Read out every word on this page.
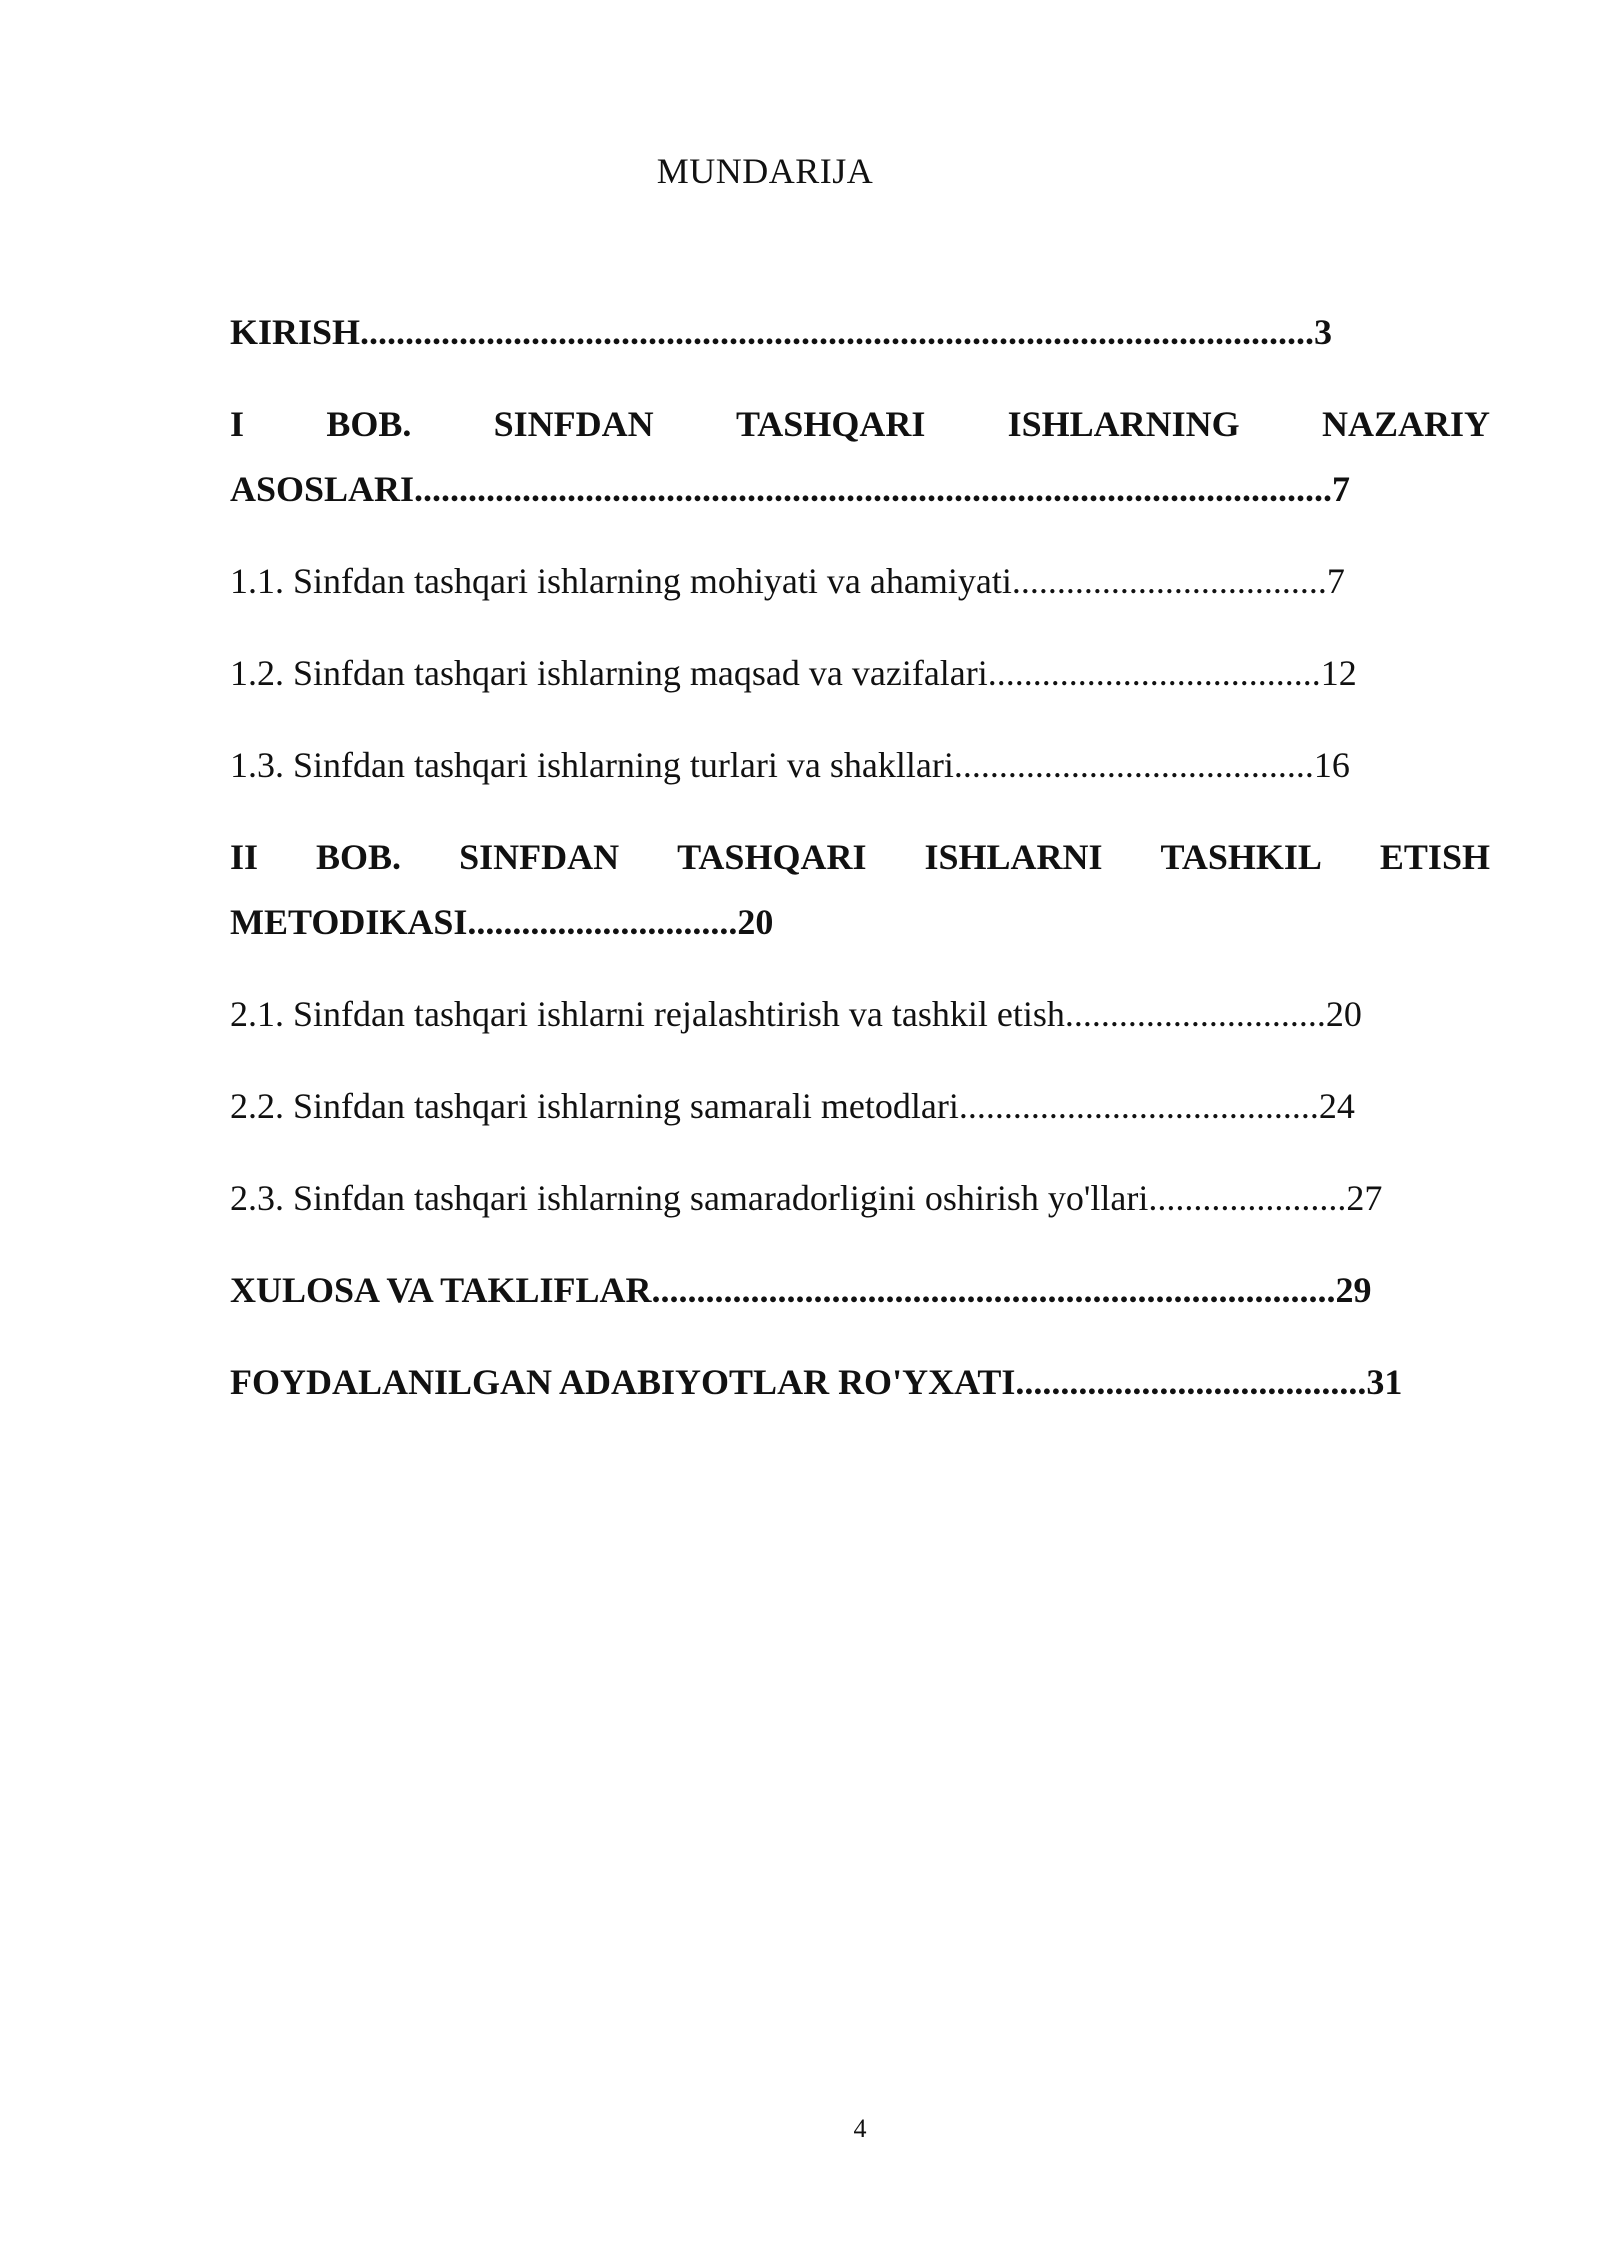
MUNDARIJA
KIRISH..........................................................................................................3
I BOB. SINFDAN TASHQARI ISHLARNING NAZARIY
ASOSLARI......................................................................................................7
1.1. Sinfdan tashqari ishlarning mohiyati va ahamiyati...................................7
1.2. Sinfdan tashqari ishlarning maqsad va vazifalari.....................................12
1.3. Sinfdan tashqari ishlarning turlari va shakllari........................................16
II BOB. SINFDAN TASHQARI ISHLARNI TASHKIL ETISH
METODIKASI..............................20
2.1. Sinfdan tashqari ishlarni rejalashtirish va tashkil etish.............................20
2.2. Sinfdan tashqari ishlarning samarali metodlari........................................24
2.3. Sinfdan tashqari ishlarning samaradorligini oshirish yo'llari......................27
XULOSA VA TAKLIFLAR............................................................................29
FOYDALANILGAN ADABIYOTLAR RO'YXATI.......................................31
4
